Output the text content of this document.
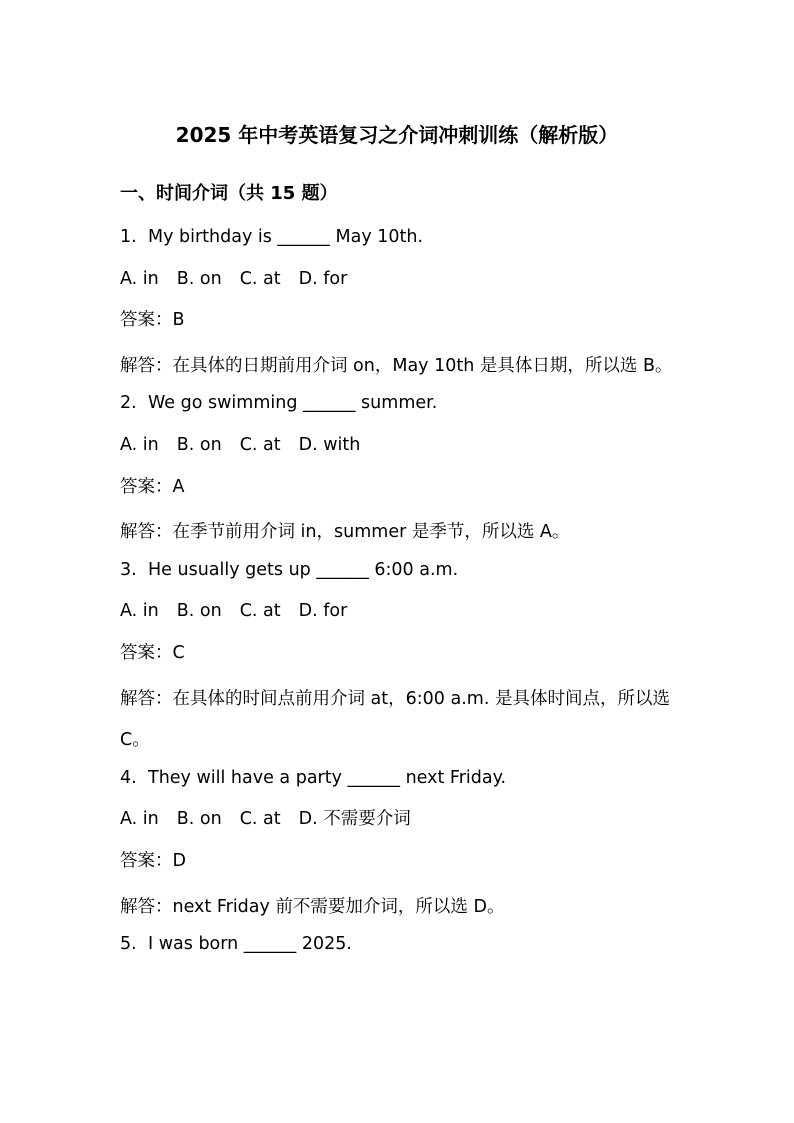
2025 年中考英语复习之介词冲刺训练（解析版）
一、时间介词（共 15 题）
1. My birthday is ______ May 10th.
A. in B. on C. at D. for
答案：B
解答：在具体的日期前用介词 on，May 10th 是具体日期，所以选 B。
2. We go swimming ______ summer.
A. in B. on C. at D. with
答案：A
解答：在季节前用介词 in，summer 是季节，所以选 A。
3. He usually gets up ______ 6:00 a.m.
A. in B. on C. at D. for
答案：C
解答：在具体的时间点前用介词 at，6:00 a.m. 是具体时间点，所以选 C。
4. They will have a party ______ next Friday.
A. in B. on C. at D. 不需要介词
答案：D
解答：next Friday 前不需要加介词，所以选 D。
5. I was born ______ 2025.
